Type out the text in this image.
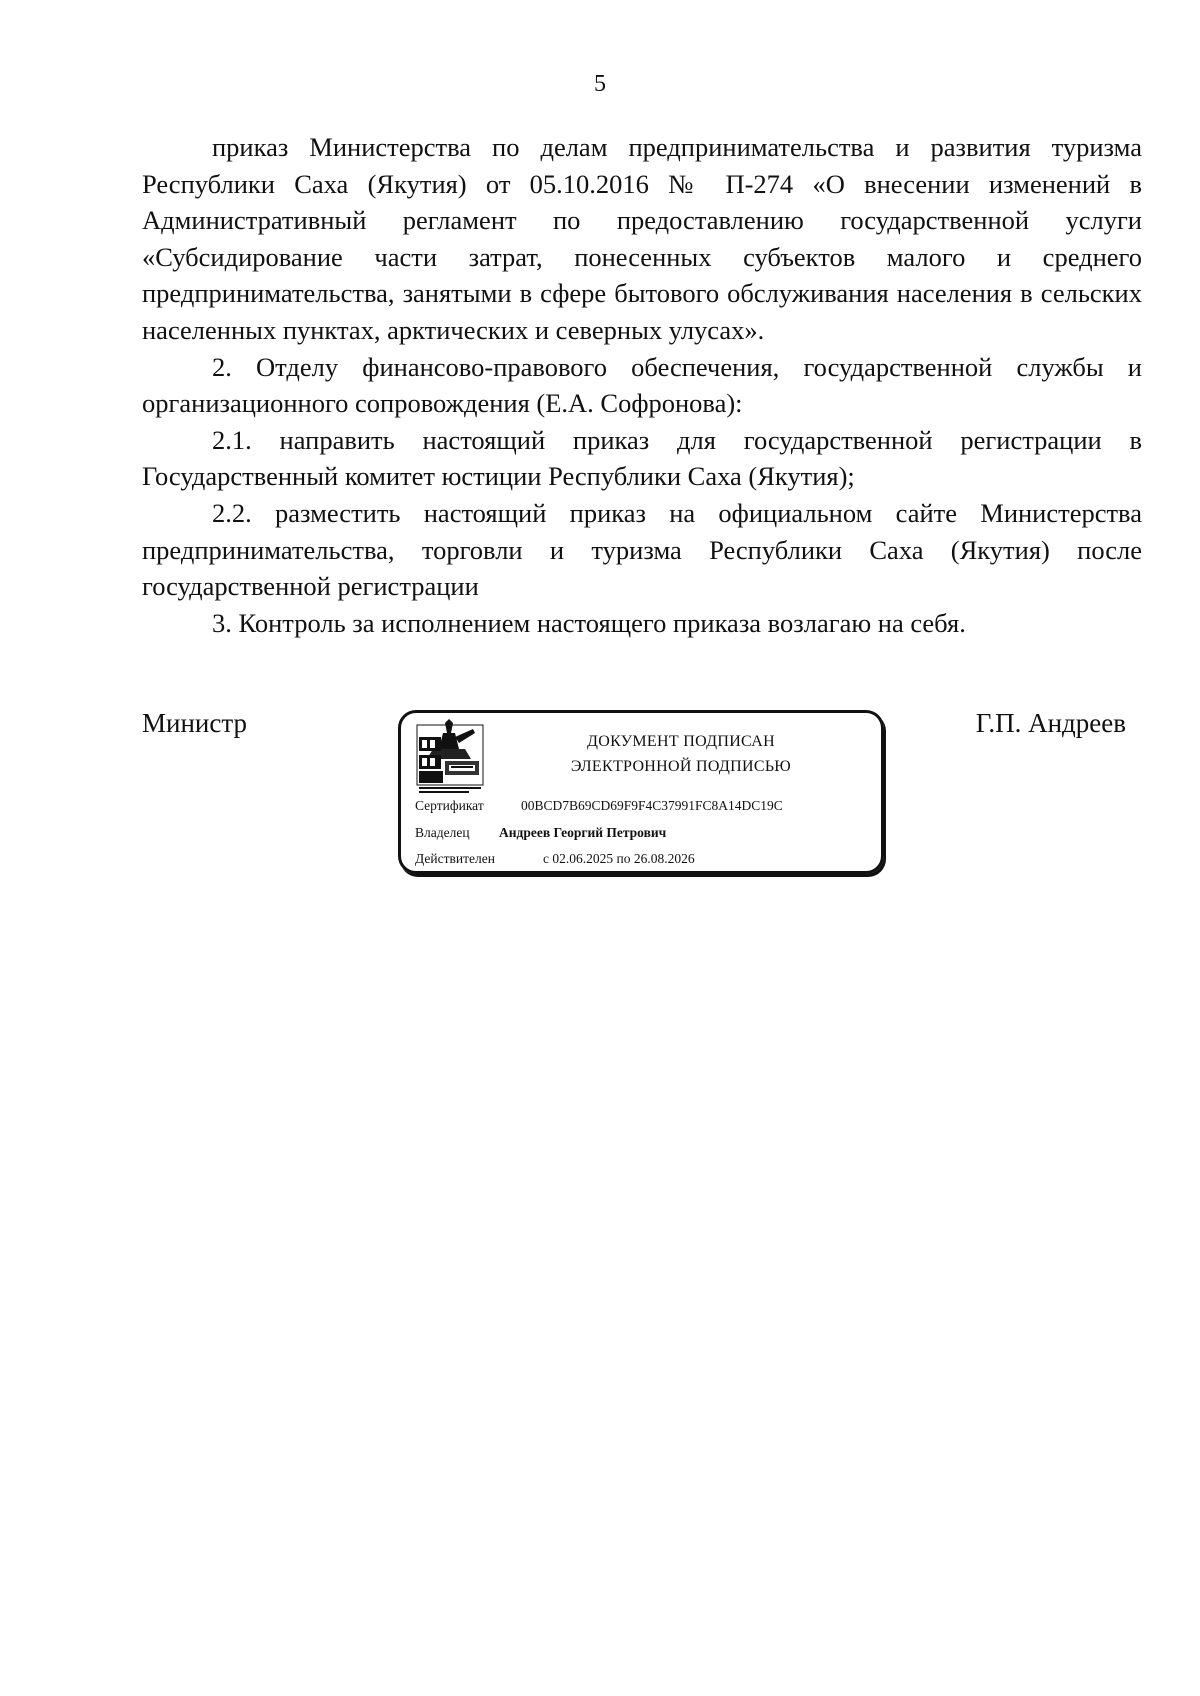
5

приказ Министерства по делам предпринимательства и развития туризма Республики Саха (Якутия) от 05.10.2016 № П-274 «О внесении изменений в Административный регламент по предоставлению государственной услуги «Субсидирование части затрат, понесенных субъектов малого и среднего предпринимательства, занятыми в сфере бытового обслуживания населения в сельских населенных пунктах, арктических и северных улусах».

2. Отделу финансово-правового обеспечения, государственной службы и организационного сопровождения (Е.А. Софронова):

2.1. направить настоящий приказ для государственной регистрации в Государственный комитет юстиции Республики Саха (Якутия);

2.2. разместить настоящий приказ на официальном сайте Министерства предпринимательства, торговли и туризма Республики Саха (Якутия) после государственной регистрации

3. Контроль за исполнением настоящего приказа возлагаю на себя.

Министр
ДОКУМЕНТ ПОДПИСАН
ЭЛЕКТРОННОЙ ПОДПИСЬЮ
Сертификат	00BCD7B69CD69F9F4C37991FC8A14DC19C
Владелец Андреев Георгий Петрович
Действителен	с 02.06.2025 по 26.08.2026
Г.П. Андреев
